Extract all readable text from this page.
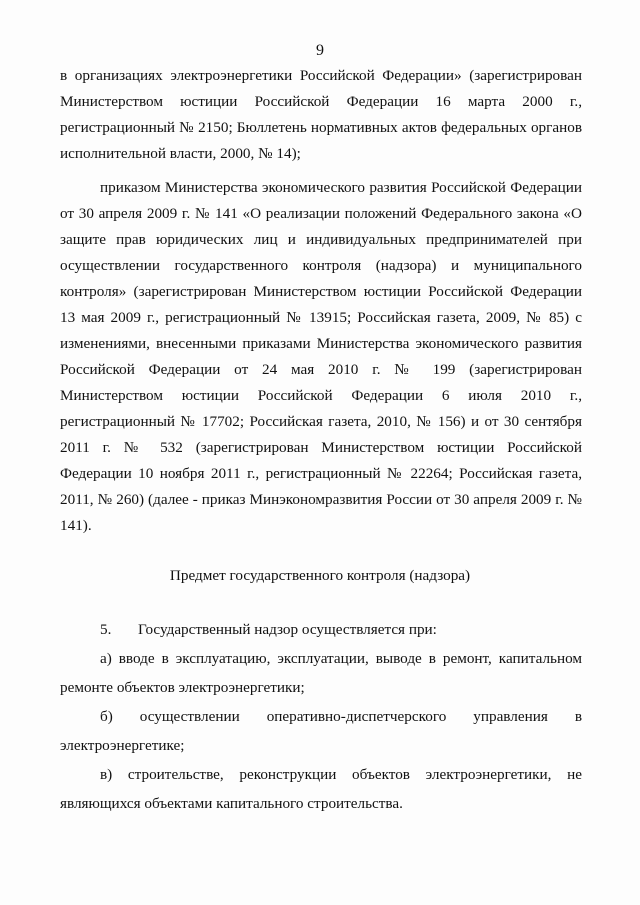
9

в организациях электроэнергетики Российской Федерации» (зарегистрирован Министерством юстиции Российской Федерации 16 марта 2000 г., регистрационный № 2150; Бюллетень нормативных актов федеральных органов исполнительной власти, 2000, № 14);

приказом Министерства экономического развития Российской Федерации от 30 апреля 2009 г. № 141 «О реализации положений Федерального закона «О защите прав юридических лиц и индивидуальных предпринимателей при осуществлении государственного контроля (надзора) и муниципального контроля» (зарегистрирован Министерством юстиции Российской Федерации 13 мая 2009 г., регистрационный № 13915; Российская газета, 2009, № 85) с изменениями, внесенными приказами Министерства экономического развития Российской Федерации от 24 мая 2010 г. № 199 (зарегистрирован Министерством юстиции Российской Федерации 6 июля 2010 г., регистрационный № 17702; Российская газета, 2010, № 156) и от 30 сентября 2011 г. № 532 (зарегистрирован Министерством юстиции Российской Федерации 10 ноября 2011 г., регистрационный № 22264; Российская газета, 2011, № 260) (далее - приказ Минэкономразвития России от 30 апреля 2009 г. № 141).

Предмет государственного контроля (надзора)

5. Государственный надзор осуществляется при:

а) вводе в эксплуатацию, эксплуатации, выводе в ремонт, капитальном ремонте объектов электроэнергетики;

б) осуществлении оперативно-диспетчерского управления в электроэнергетике;

в) строительстве, реконструкции объектов электроэнергетики, не являющихся объектами капитального строительства.
